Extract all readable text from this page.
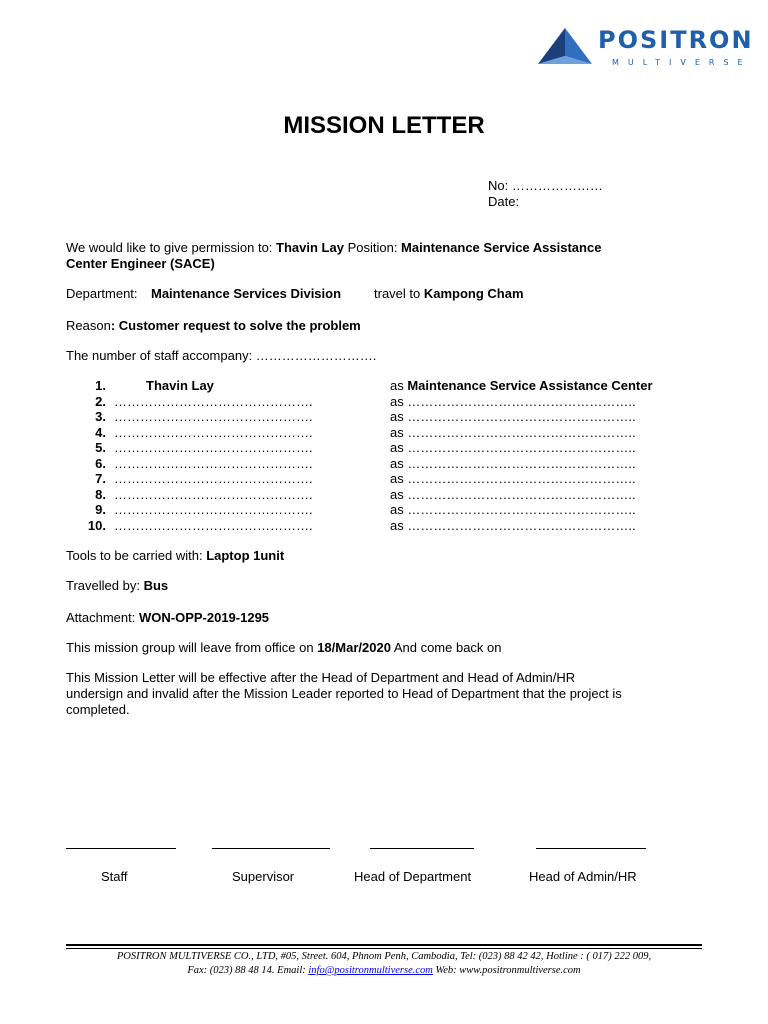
POSITRON
MULTIVERSE
MISSION LETTER
No: …………………
Date:
We would like to give permission to: Thavin Lay Position: Maintenance Service Assistance
Center Engineer (SACE)
Department: Maintenance Services Division	travel to Kampong Cham
Reason: Customer request to solve the problem
The number of staff accompany: ……………………….
1.	Thavin Lay	as Maintenance Service Assistance Center
2. ……………………………………….	as ……………………………………………..
3. ……………………………………….	as ……………………………………………..
4. ……………………………………….	as ……………………………………………..
5. ……………………………………….	as ……………………………………………..
6. ……………………………………….	as ……………………………………………..
7. ……………………………………….	as ……………………………………………..
8. ……………………………………….	as ……………………………………………..
9. ……………………………………….	as ……………………………………………..
10. ……………………………………….	as ……………………………………………..
Tools to be carried with: Laptop 1unit
Travelled by: Bus
Attachment: WON-OPP-2019-1295
This mission group will leave from office on 18/Mar/2020 And come back on
This Mission Letter will be effective after the Head of Department and Head of Admin/HR
undersign and invalid after the Mission Leader reported to Head of Department that the project is
completed.
Staff	Supervisor	Head of Department	Head of Admin/HR
POSITRON MULTIVERSE CO., LTD, #05, Street. 604, Phnom Penh, Cambodia, Tel: (023) 88 42 42, Hotline : ( 017) 222 009,
Fax: (023) 88 48 14. Email: info@positronmultiverse.com Web: www.positronmultiverse.com
